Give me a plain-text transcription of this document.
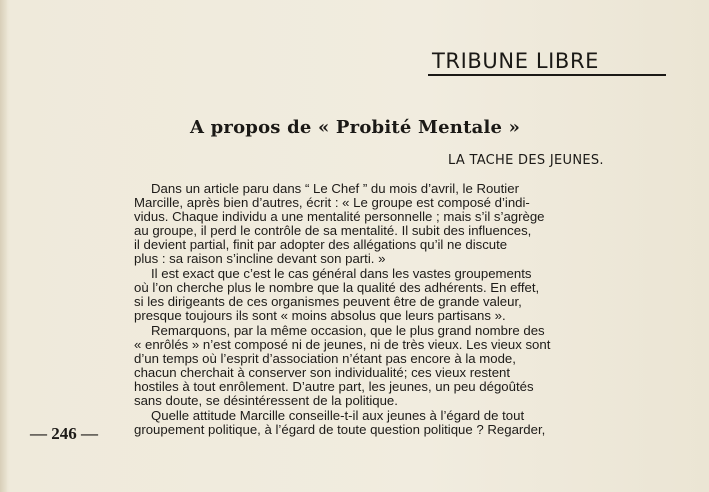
TRIBUNE LIBRE
A propos de « Probité Mentale »
LA TACHE DES JEUNES.
Dans un article paru dans “ Le Chef ” du mois d’avril, le Routier
Marcille, après bien d’autres, écrit : « Le groupe est composé d’indi-
vidus. Chaque individu a une mentalité personnelle ; mais s’il s’agrège
au groupe, il perd le contrôle de sa mentalité. Il subit des influences,
il devient partial, finit par adopter des allégations qu’il ne discute
plus : sa raison s’incline devant son parti. »
Il est exact que c’est le cas général dans les vastes groupements
où l’on cherche plus le nombre que la qualité des adhérents. En effet,
si les dirigeants de ces organismes peuvent être de grande valeur,
presque toujours ils sont « moins absolus que leurs partisans ».
Remarquons, par la même occasion, que le plus grand nombre des
« enrôlés » n’est composé ni de jeunes, ni de très vieux. Les vieux sont
d’un temps où l’esprit d’association n’étant pas encore à la mode,
chacun cherchait à conserver son individualité; ces vieux restent
hostiles à tout enrôlement. D’autre part, les jeunes, un peu dégoûtés
sans doute, se désintéressent de la politique.
Quelle attitude Marcille conseille-t-il aux jeunes à l’égard de tout
groupement politique, à l’égard de toute question politique ? Regarder,
— 246 —
